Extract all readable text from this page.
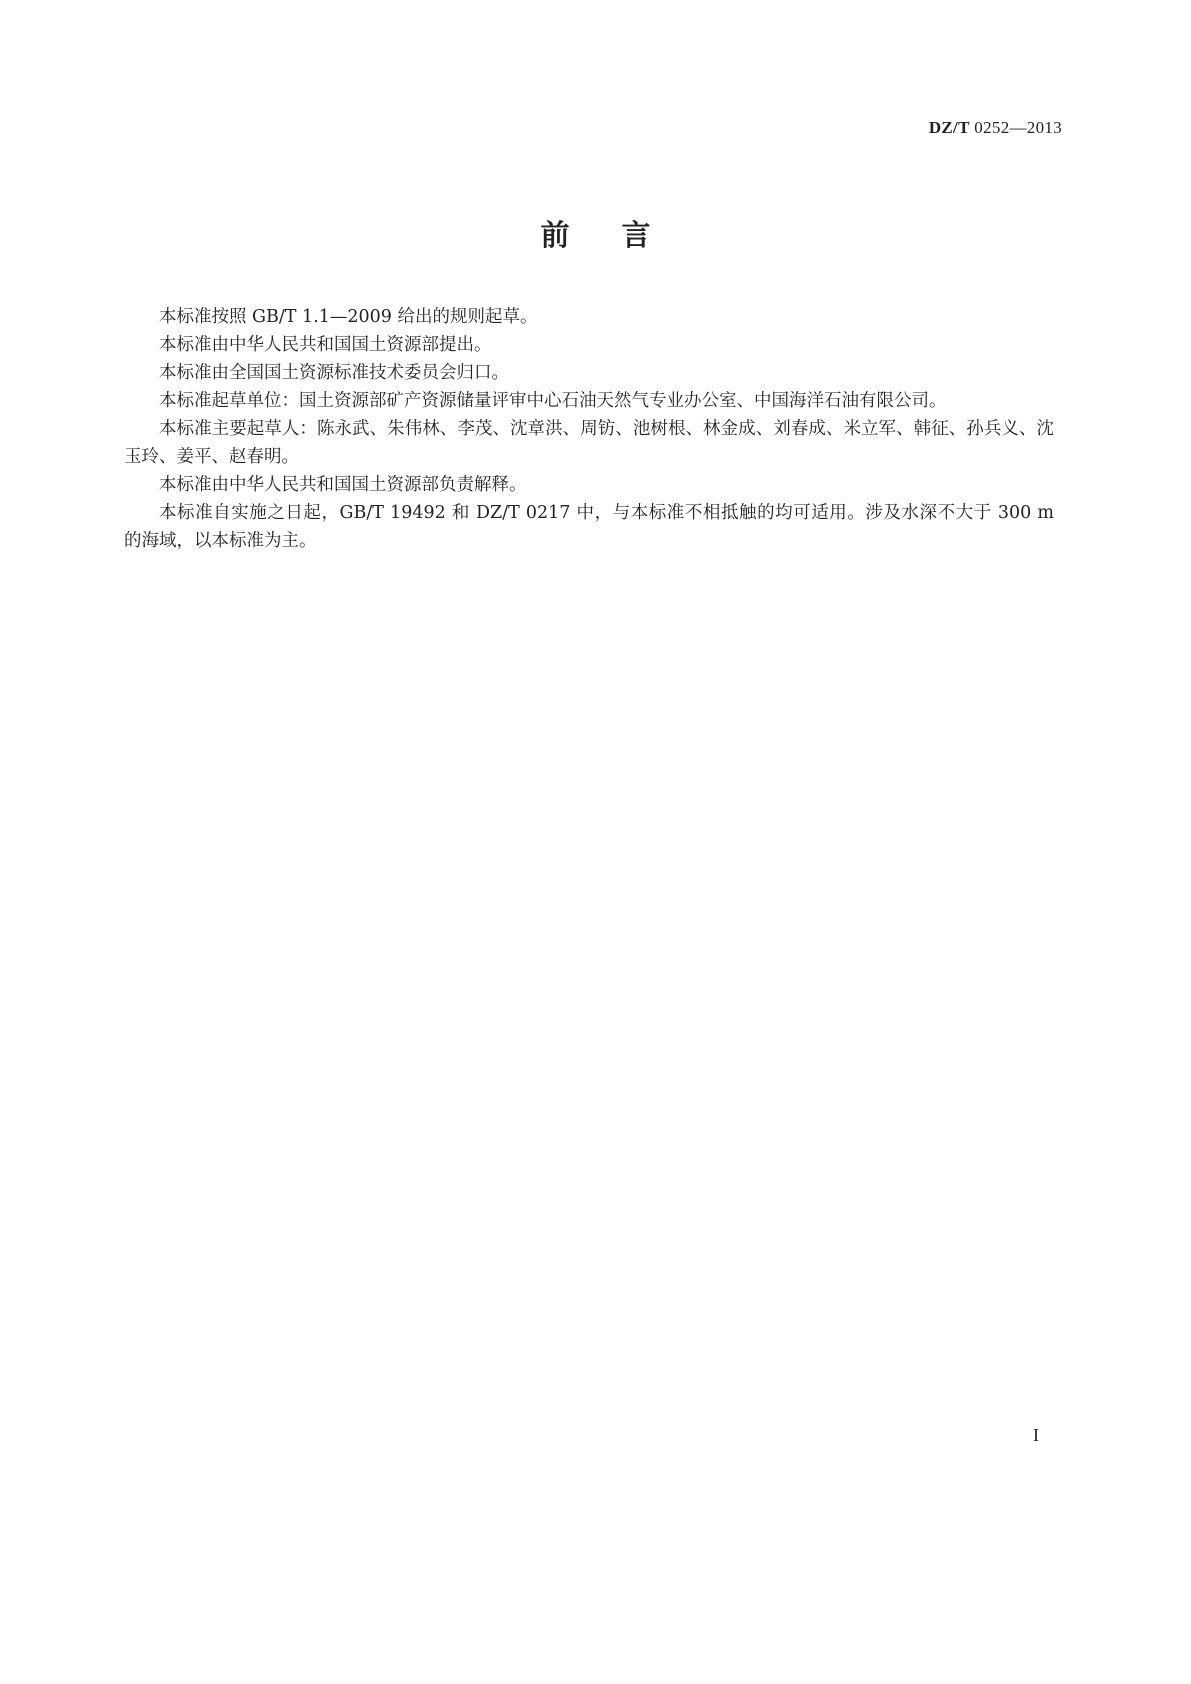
DZ/T 0252—2013
前言

本标准按照 GB/T 1.1—2009 给出的规则起草。

本标准由中华人民共和国国土资源部提出。

本标准由全国国土资源标准技术委员会归口。

本标准起草单位：国土资源部矿产资源储量评审中心石油天然气专业办公室、中国海洋石油有限公司。

本标准主要起草人：陈永武、朱伟林、李茂、沈章洪、周钫、池树根、林金成、刘春成、米立军、韩征、孙兵义、沈玉玲、姜平、赵春明。

本标准由中华人民共和国国土资源部负责解释。

本标准自实施之日起，GB/T 19492 和 DZ/T 0217 中，与本标准不相抵触的均可适用。涉及水深不大于 300 m 的海域，以本标准为主。

I
